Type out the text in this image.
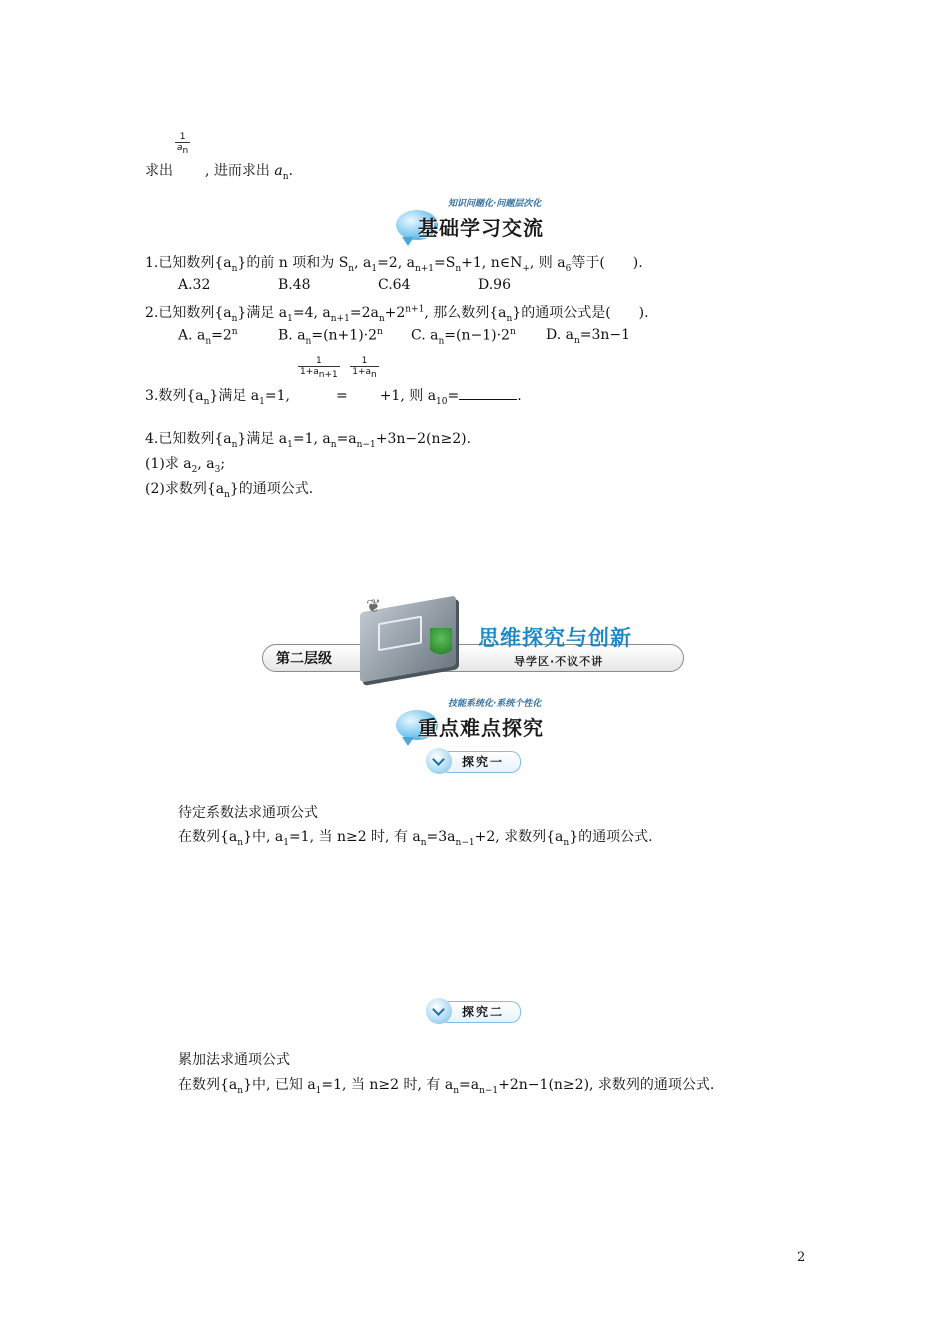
$\frac{1}{a_n}$
求出 , 进而求出 $a_n$.
知识问题化·问题层次化
基础学习交流
1.已知数列$\{a_n\}$的前 n 项和为 $S_n$, $a_1=2$, $a_{n+1}=S_n+1$, $n\in N_+$, 则 $a_6$等于(　　).
A.32	B.48	C.64	D.96
2.已知数列$\{a_n\}$满足 $a_1=4$, $a_{n+1}=2a_n+2^{n+1}$, 那么数列$\{a_n\}$的通项公式是(　　).
A. $a_n=2^n$	B. $a_n=(n+1)\cdot 2^n$ C. $a_n=(n-1)\cdot 2^n$ D. $a_n=3n-1$
$\frac{1}{1+a_{n+1}}$
$\frac{1}{1+a_n}$
3.数列$\{a_n\}$满足 $a_1=1$,	= +1, 则 $a_{10}=$	.
4.已知数列$\{a_n\}$满足 $a_1=1$, $a_n=a_{n-1}+3n-2(n\ge 2)$.
(1)求 $a_2$, $a_3$;
(2)求数列$\{a_n\}$的通项公式.
❦
第二层级
思维探究与创新
导学区·不议不讲
技能系统化·系统个性化
重点难点探究
探究一
待定系数法求通项公式
在数列$\{a_n\}$中, $a_1=1$, 当 n≥2 时, 有 $a_n=3a_{n-1}+2$, 求数列$\{a_n\}$的通项公式.
探究二
累加法求通项公式
在数列$\{a_n\}$中, 已知 $a_1=1$, 当 n≥2 时, 有 $a_n=a_{n-1}+2n-1(n\ge 2)$, 求数列的通项公式.
2
